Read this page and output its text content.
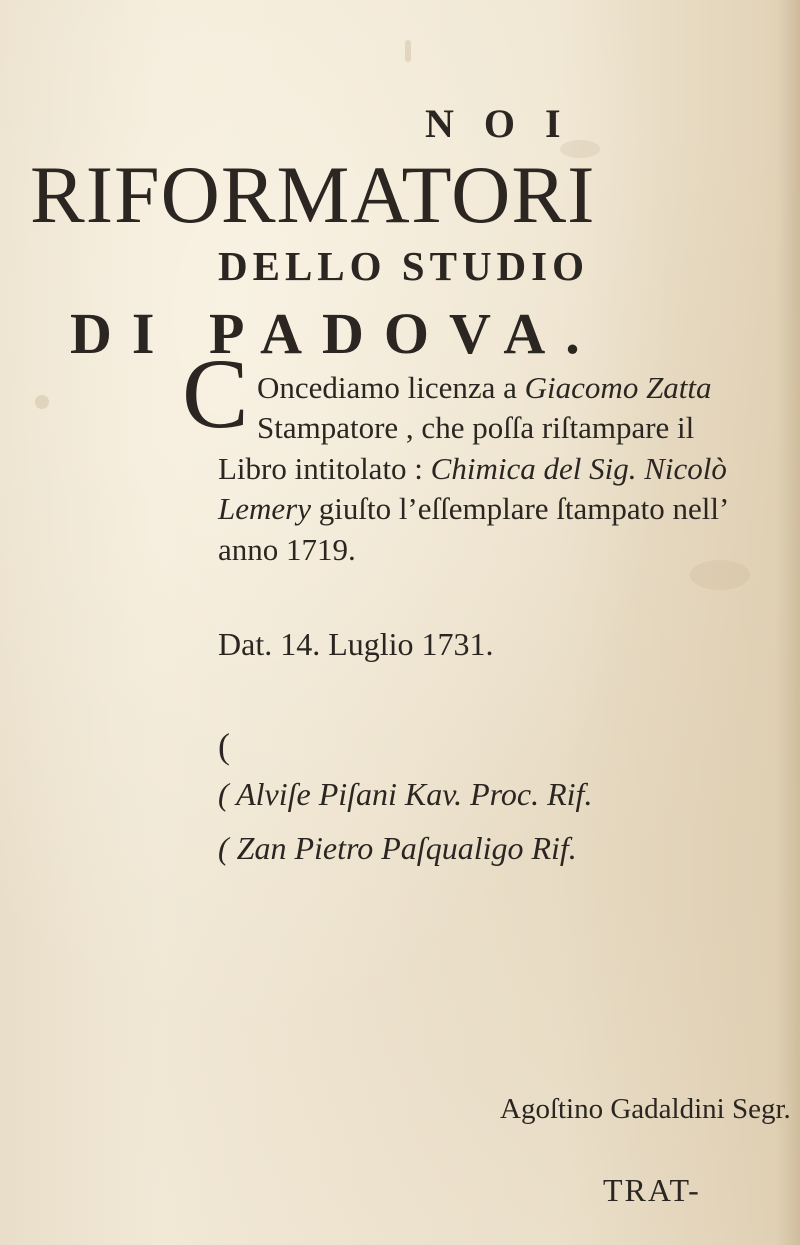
N O I
RIFORMATORI
DELLO STUDIO
DI PADOVA.
C Oncediamo licenza a Giacomo Zatta
Stampatore , che poſſa riſtampare il
Libro intitolato : Chimica del Sig. Nicolò
Lemery giuſto l’eſſemplare ſtampato nell’
anno 1719.
Dat. 14. Luglio 1731.
(
( Alviſe Piſani Kav. Proc. Rif.
( Zan Pietro Paſqualigo Rif.
Agoſtino Gadaldini Segr.
TRAT-
